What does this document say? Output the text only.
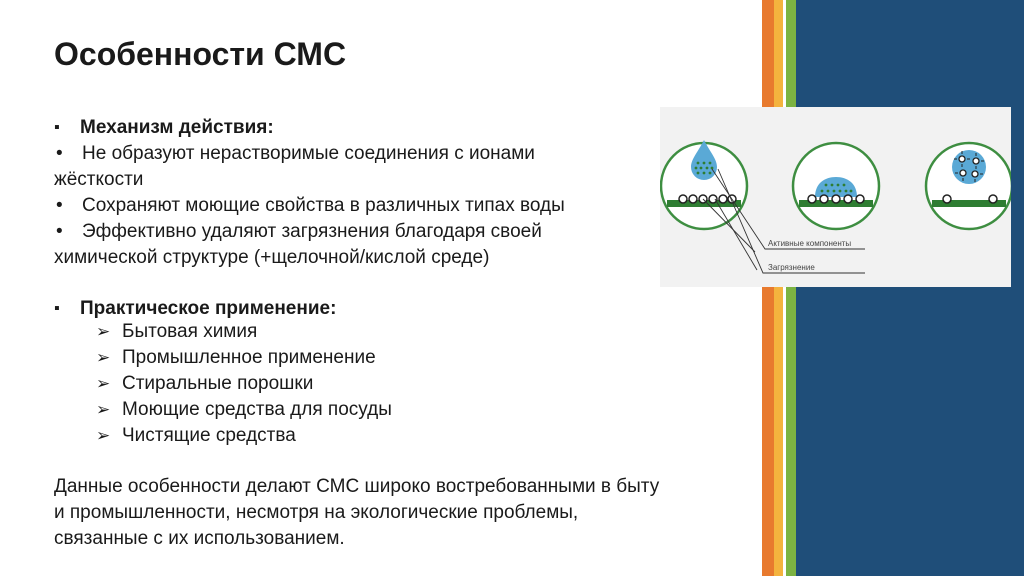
Особенности СМС
▪ Механизм действия:
• Не образуют нерастворимые соединения с ионами
жёсткости
• Сохраняют моющие свойства в различных типах воды
• Эффективно удаляют загрязнения благодаря своей
химической структуре (+щелочной/кислой среде)
▪ Практическое применение:
➢ Бытовая химия
➢ Промышленное применение
➢ Стиральные порошки
➢ Моющие средства для посуды
➢ Чистящие средства
Данные особенности делают СМС широко востребованными в быту
и промышленности, несмотря на экологические проблемы,
связанные с их использованием.
Активные компоненты
Загрязнение
